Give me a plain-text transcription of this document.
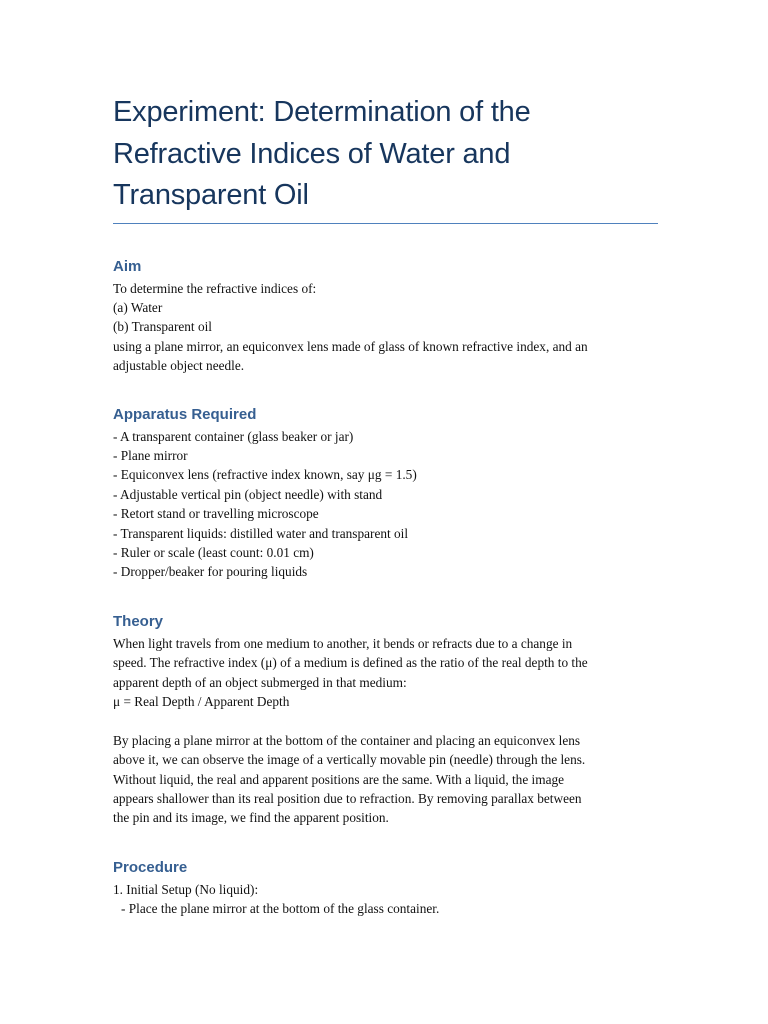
Experiment: Determination of the
Refractive Indices of Water and
Transparent Oil
Aim

To determine the refractive indices of:
(a) Water
(b) Transparent oil
using a plane mirror, an equiconvex lens made of glass of known refractive index, and an
adjustable object needle.

Apparatus Required

- A transparent container (glass beaker or jar)
- Plane mirror
- Equiconvex lens (refractive index known, say μg = 1.5)
- Adjustable vertical pin (object needle) with stand
- Retort stand or travelling microscope
- Transparent liquids: distilled water and transparent oil
- Ruler or scale (least count: 0.01 cm)
- Dropper/beaker for pouring liquids

Theory

When light travels from one medium to another, it bends or refracts due to a change in
speed. The refractive index (μ) of a medium is defined as the ratio of the real depth to the
apparent depth of an object submerged in that medium:
μ = Real Depth / Apparent Depth

By placing a plane mirror at the bottom of the container and placing an equiconvex lens
above it, we can observe the image of a vertically movable pin (needle) through the lens.
Without liquid, the real and apparent positions are the same. With a liquid, the image
appears shallower than its real position due to refraction. By removing parallax between
the pin and its image, we find the apparent position.

Procedure

1. Initial Setup (No liquid):
- Place the plane mirror at the bottom of the glass container.
